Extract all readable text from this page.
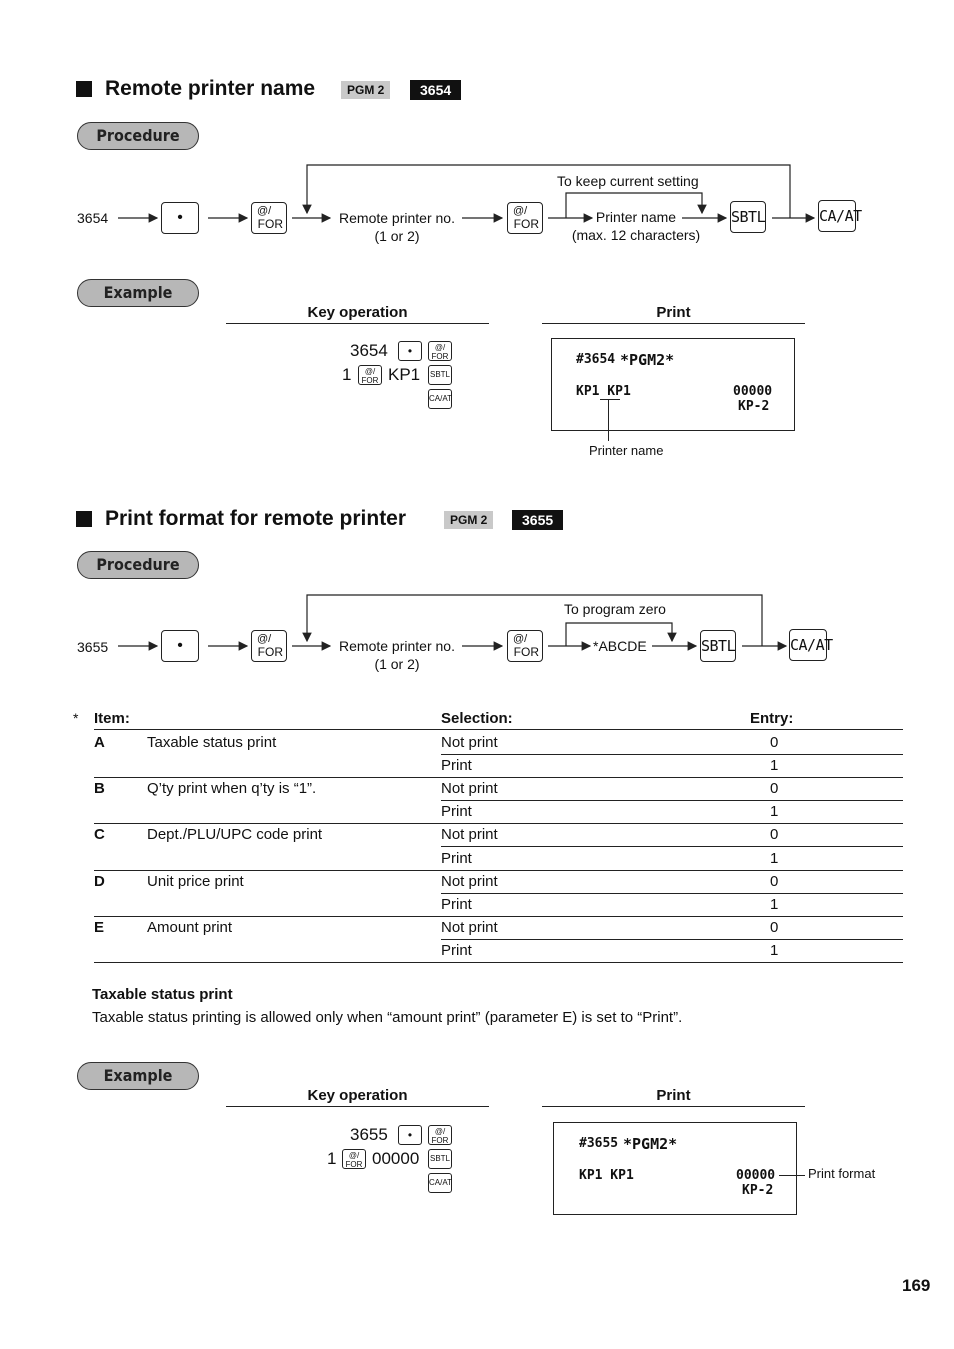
Remote printer name	PGM 2	3654
Procedure
3654	•	@/
FOR	Remote printer no.
(1 or 2)
@/
FOR
To keep current setting
Printer name
(max. 12 characters)
SBTL	CA/AT
Example
Key operation	Print
3654	•	@/
FOR
1	@/
FOR KP1 SBTL
CA/AT
#3654 *PGM2*
KP1 KP1	00000
KP-2
Printer name
Print format for remote printer	PGM 2	3655
Procedure
3655	•	@/
FOR	Remote printer no.
(1 or 2)
@/
FOR
To program zero
*ABCDE	SBTL	CA/AT
* Item:	Selection:	Entry:
A	Taxable status print	Not print	0
Print	1
B	Q’ty print when q’ty is “1”.	Not print	0
Print	1
C	Dept./PLU/UPC code print	Not print	0
Print	1
D	Unit price print	Not print	0
Print	1
E	Amount print	Not print	0
Print	1
Taxable status print
Taxable status printing is allowed only when “amount print” (parameter E) is set to “Print”.
Example
Key operation	Print
3655	•	@/
FOR
1	@/
FOR 00000 SBTL
CA/AT
#3655 *PGM2*
KP1 KP1	00000
KP-2
Print format
169
